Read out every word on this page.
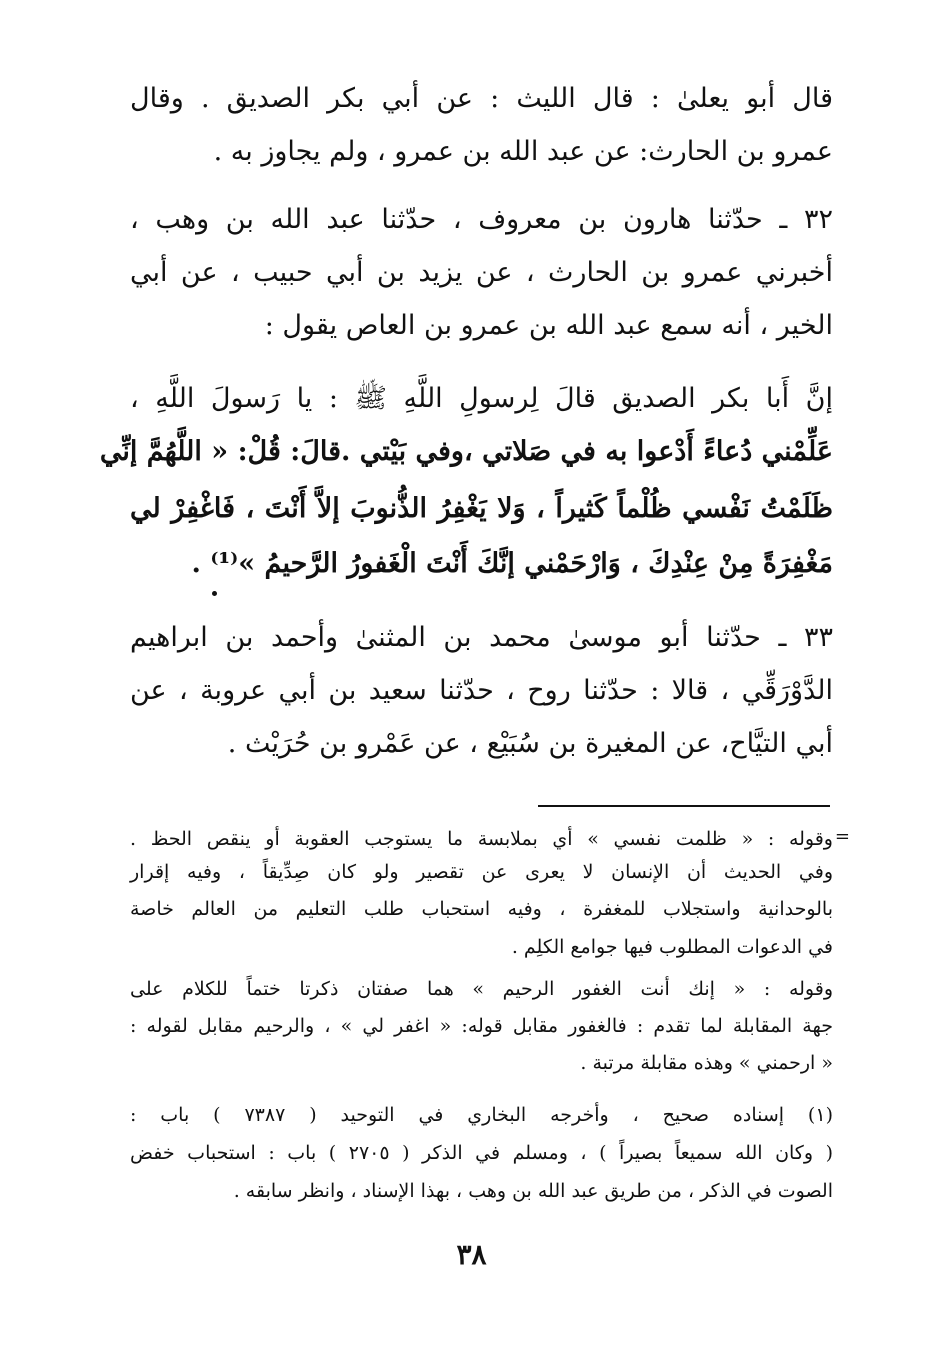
قال أبو يعلىٰ : قال الليث : عن أبي بكر الصديق . وقال
عمرو بن الحارث: عن عبد الله بن عمرو ، ولم يجاوز به .
٣٢ ـ حدّثنا هارون بن معروف ، حدّثنا عبد الله بن وهب ،
أخبرني عمرو بن الحارث ، عن يزيد بن أبي حبيب ، عن أبي
الخير ، أنه سمع عبد الله بن عمرو بن العاص يقول :
إنَّ أَبا بكر الصديق قالَ لِرسولِ اللَّهِ ﷺ : يا رَسولَ اللَّهِ ،
عَلِّمْني دُعاءً أَدْعوا به في صَلاتي ،وفي بَيْتي .قالَ: قُلْ: « اللَّهُمَّ إنِّي
ظَلَمْتُ نَفْسي ظُلْماً كَثيراً ، وَلا يَغْفِرُ الذُّنوبَ إلاَّ أَنْتَ ، فَاغْفِرْ لي
مَغْفِرَةً مِنْ عِنْدِكَ ، وَارْحَمْني إنَّكَ أَنْتَ الْغَفورُ الرَّحيمُ »⁽¹⁾ .
٣٣ ـ حدّثنا أبو موسىٰ محمد بن المثنىٰ وأحمد بن ابراهيم
الدَّوْرَقِّي ، قالا : حدّثنا روح ، حدّثنا سعيد بن أبي عروبة ، عن
أبي التيَّاح، عن المغيرة بن سُبَيْع ، عن عَمْرو بن حُرَيْث .
=
وقوله : « ظلمت نفسي » أي بملابسة ما يستوجب العقوبة أو ينقص الحظ .
وفي الحديث أن الإنسان لا يعرى عن تقصير ولو كان صِدِّيقاً ، وفيه إقرار
بالوحدانية واستجلاب للمغفرة ، وفيه استحباب طلب التعليم من العالم خاصة
في الدعوات المطلوب فيها جوامع الكلِم .
وقوله : « إنك أنت الغفور الرحيم » هما صفتان ذكرتا ختماً للكلام على
جهة المقابلة لما تقدم : فالغفور مقابل قوله: « اغفر لي » ، والرحيم مقابل لقوله :
« ارحمني » وهذه مقابلة مرتبة .
(١) إسناده صحيح ، وأخرجه البخاري في التوحيد ( ٧٣٨٧ ) باب :
( وكان الله سميعاً بصيراً ) ، ومسلم في الذكر ( ٢٧٠٥ ) باب : استحباب خفض
الصوت في الذكر ، من طريق عبد الله بن وهب ، بهذا الإسناد ، وانظر سابقه .
٣٨
